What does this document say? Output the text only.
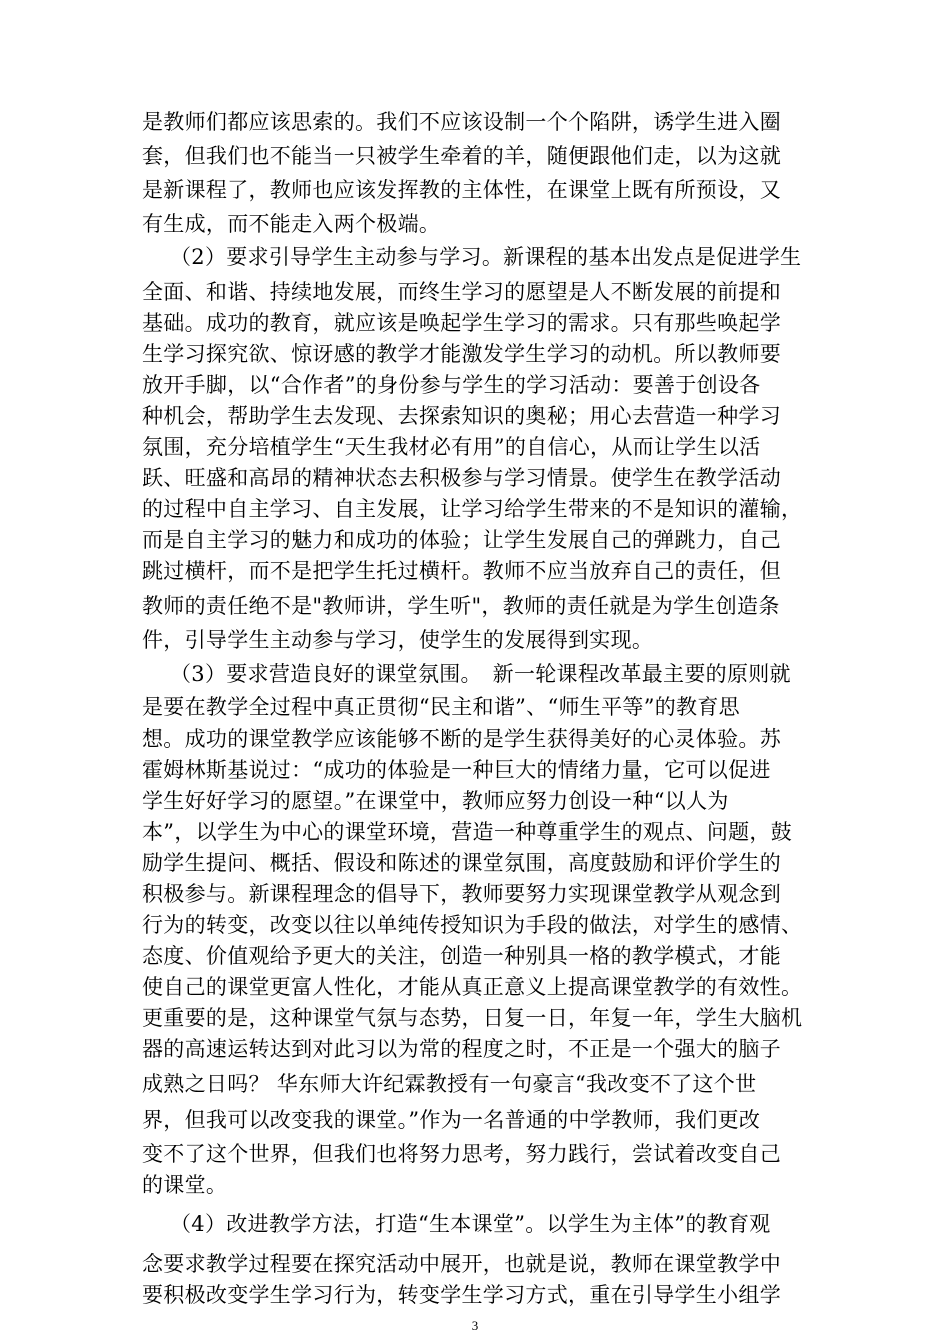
是教师们都应该思索的。我们不应该设制一个个陷阱，诱学生进入圈
套，但我们也不能当一只被学生牵着的羊，随便跟他们走，以为这就
是新课程了，教师也应该发挥教的主体性，在课堂上既有所预设，又
有生成，而不能走入两个极端。
（2）要求引导学生主动参与学习。新课程的基本出发点是促进学生
全面、和谐、持续地发展，而终生学习的愿望是人不断发展的前提和
基础。成功的教育，就应该是唤起学生学习的需求。只有那些唤起学
生学习探究欲、惊讶感的教学才能激发学生学习的动机。所以教师要
放开手脚，以“合作者”的身份参与学生的学习活动：要善于创设各
种机会，帮助学生去发现、去探索知识的奥秘；用心去营造一种学习
氛围，充分培植学生“天生我材必有用”的自信心，从而让学生以活
跃、旺盛和高昂的精神状态去积极参与学习情景。使学生在教学活动
的过程中自主学习、自主发展，让学习给学生带来的不是知识的灌输，
而是自主学习的魅力和成功的体验；让学生发展自己的弹跳力，自己
跳过横杆，而不是把学生托过横杆。教师不应当放弃自己的责任，但
教师的责任绝不是"教师讲，学生听"，教师的责任就是为学生创造条
件，引导学生主动参与学习，使学生的发展得到实现。
（3）要求营造良好的课堂氛围。　新一轮课程改革最主要的原则就
是要在教学全过程中真正贯彻“民主和谐”、“师生平等”的教育思
想。成功的课堂教学应该能够不断的是学生获得美好的心灵体验。苏
霍姆林斯基说过：“成功的体验是一种巨大的情绪力量，它可以促进
学生好好学习的愿望。”在课堂中，教师应努力创设一种“以人为
本”，以学生为中心的课堂环境，营造一种尊重学生的观点、问题，鼓
励学生提问、概括、假设和陈述的课堂氛围，高度鼓励和评价学生的
积极参与。新课程理念的倡导下，教师要努力实现课堂教学从观念到
行为的转变，改变以往以单纯传授知识为手段的做法，对学生的感情、
态度、价值观给予更大的关注，创造一种别具一格的教学模式，才能
使自己的课堂更富人性化，才能从真正意义上提高课堂教学的有效性。
更重要的是，这种课堂气氛与态势，日复一日，年复一年，学生大脑机
器的高速运转达到对此习以为常的程度之时，不正是一个强大的脑子
成熟之日吗？ 华东师大许纪霖教授有一句豪言“我改变不了这个世
界，但我可以改变我的课堂。”作为一名普通的中学教师，我们更改
变不了这个世界，但我们也将努力思考，努力践行，尝试着改变自己
的课堂。
（4）改进教学方法，打造“生本课堂”。以学生为主体”的教育观
念要求教学过程要在探究活动中展开，也就是说，教师在课堂教学中
要积极改变学生学习行为，转变学生学习方式，重在引导学生小组学
3
